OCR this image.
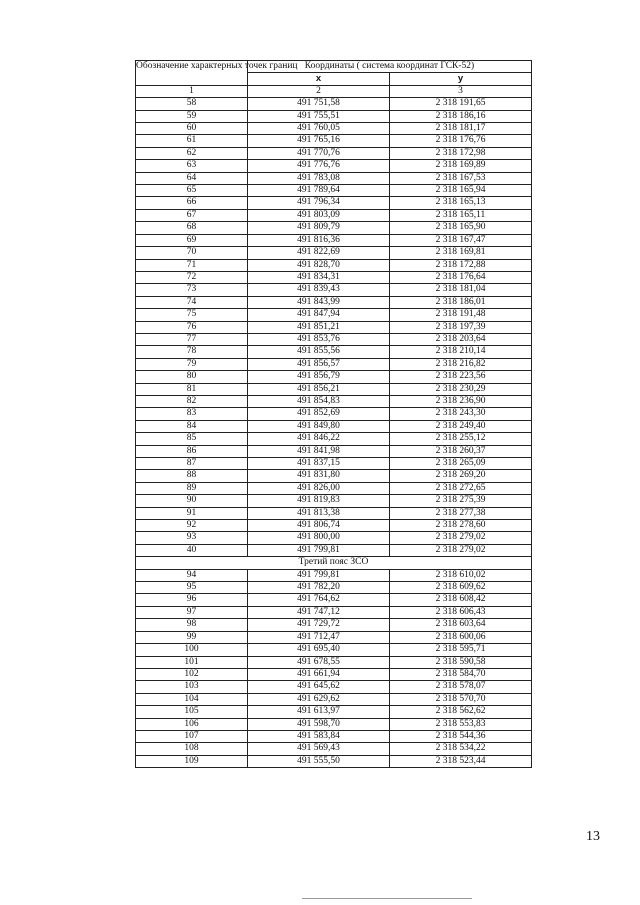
Обозначение характерных точек границ	Координаты ( система координат ГСК-52)	
	x	y
1	2	3
58	491 751,58	2 318 191,65
59	491 755,51	2 318 186,16
60	491 760,05	2 318 181,17
61	491 765,16	2 318 176,76
62	491 770,76	2 318 172,98
63	491 776,76	2 318 169,89
64	491 783,08	2 318 167,53
65	491 789,64	2 318 165,94
66	491 796,34	2 318 165,13
67	491 803,09	2 318 165,11
68	491 809,79	2 318 165,90
69	491 816,36	2 318 167,47
70	491 822,69	2 318 169,81
71	491 828,70	2 318 172,88
72	491 834,31	2 318 176,64
73	491 839,43	2 318 181,04
74	491 843,99	2 318 186,01
75	491 847,94	2 318 191,48
76	491 851,21	2 318 197,39
77	491 853,76	2 318 203,64
78	491 855,56	2 318 210,14
79	491 856,57	2 318 216,82
80	491 856,79	2 318 223,56
81	491 856,21	2 318 230,29
82	491 854,83	2 318 236,90
83	491 852,69	2 318 243,30
84	491 849,80	2 318 249,40
85	491 846,22	2 318 255,12
86	491 841,98	2 318 260,37
87	491 837,15	2 318 265,09
88	491 831,80	2 318 269,20
89	491 826,00	2 318 272,65
90	491 819,83	2 318 275,39
91	491 813,38	2 318 277,38
92	491 806,74	2 318 278,60
93	491 800,00	2 318 279,02
40	491 799,81	2 318 279,02
Третий пояс ЗСО		
94	491 799,81	2 318 610,02
95	491 782,20	2 318 609,62
96	491 764,62	2 318 608,42
97	491 747,12	2 318 606,43
98	491 729,72	2 318 603,64
99	491 712,47	2 318 600,06
100	491 695,40	2 318 595,71
101	491 678,55	2 318 590,58
102	491 661,94	2 318 584,70
103	491 645,62	2 318 578,07
104	491 629,62	2 318 570,70
105	491 613,97	2 318 562,62
106	491 598,70	2 318 553,83
107	491 583,84	2 318 544,36
108	491 569,43	2 318 534,22
109	491 555,50	2 318 523,44
13
